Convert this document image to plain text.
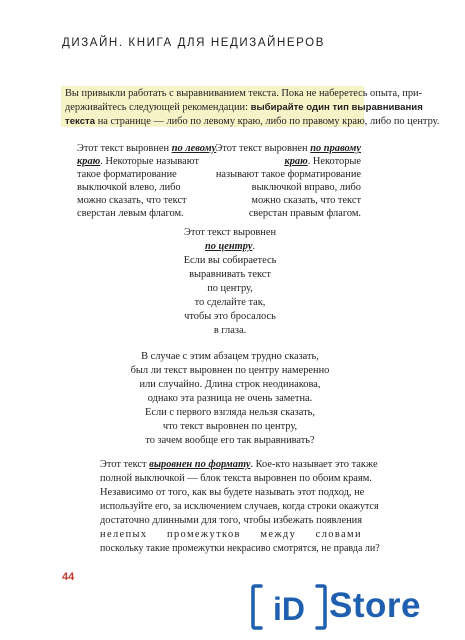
ДИЗАЙН. КНИГА ДЛЯ НЕДИЗАЙНЕРОВ
Вы привыкли работать с выравниванием текста. Пока не наберетесь опыта, при-
держивайтесь следующей рекомендации: выбирайте один тип выравнивания
текста на странице — либо по левому краю, либо по правому краю, либо по центру.
Этот текст выровнен по левому
краю. Некоторые называют
такое форматирование
выключкой влево, либо
можно сказать, что текст
сверстан левым флагом.
Этот текст выровнен по правому
краю. Некоторые
называют такое форматирование
выключкой вправо, либо
можно сказать, что текст
сверстан правым флагом.
Этот текст выровнен
по центру.
Если вы собираетесь
выравнивать текст
по центру,
то сделайте так,
чтобы это бросалось
в глаза.
В случае с этим абзацем трудно сказать,
был ли текст выровнен по центру намеренно
или случайно. Длина строк неодинакова,
однако эта разница не очень заметна.
Если с первого взгляда нельзя сказать,
что текст выровнен по центру,
то зачем вообще его так выравнивать?
Этот текст выровнен по формату. Кое-кто называет это также
полной выключкой — блок текста выровнен по обоим краям.
Независимо от того, как вы будете называть этот подход, не
используйте его, за исключением случаев, когда строки окажутся
достаточно длинными для того, чтобы избежать появления
нелепых промежутков между словами
поскольку такие промежутки некрасиво смотрятся, не правда ли?
44
iD Store
